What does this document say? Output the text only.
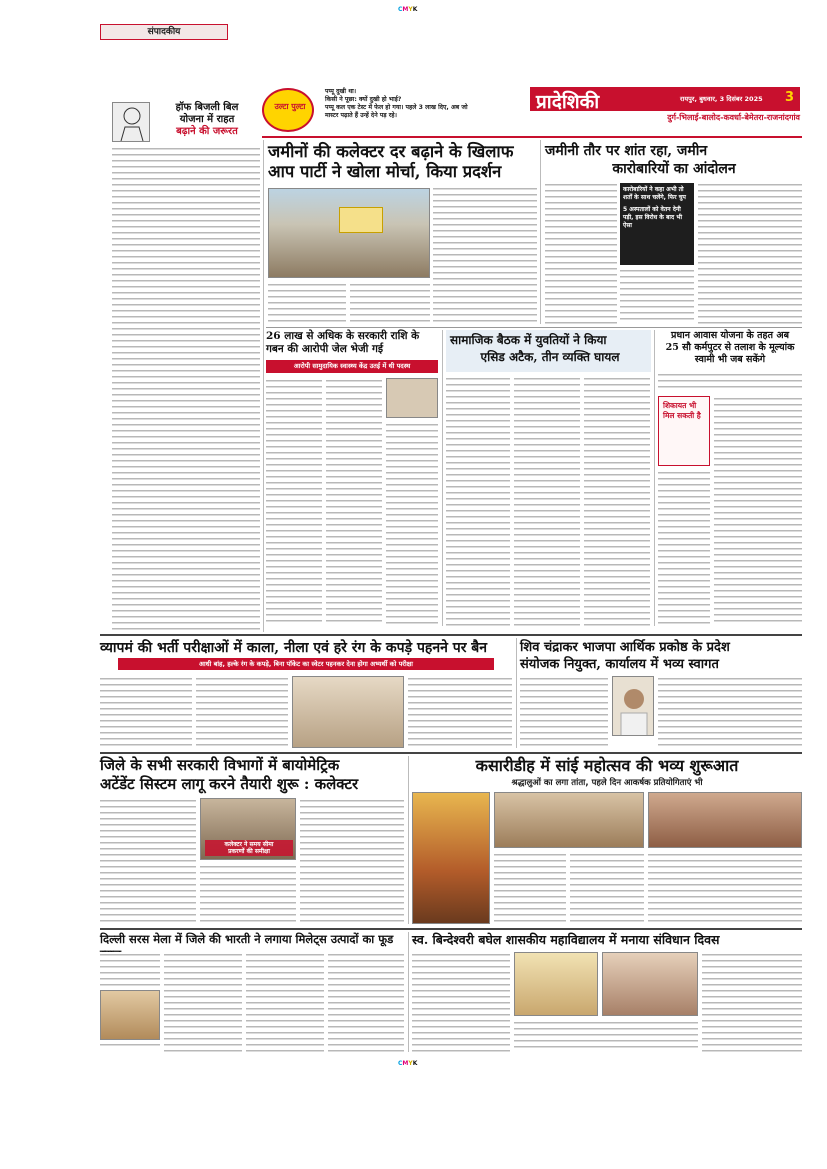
CMYK
संपादकीय
उल्टा पुल्टा
पप्पू दुखी था।
किसी ने पूछा: क्यों दुखी हो भाई?
पप्पू कल एक टेस्ट में फेल हो गया। पहले 3 लाख दिए, अब जो
मास्टर पढ़ाते हैं उन्हें देने पड़ रहे।
प्रादेशिकी	रायपुर, बुधवार, 3 दिसंबर 2025 3
दुर्ग-भिलाई-बालोद-कवर्धा-बेमेतरा-राजनांदगांव
हॉफ बिजली बिल
योजना में राहत
बढ़ाने की जरूरत
जमीनों की कलेक्टर दर बढ़ाने के खिलाफ
आप पार्टी ने खोला मोर्चा, किया प्रदर्शन
जमीनी तौर पर शांत रहा, जमीन
कारोबारियों का आंदोलन
कारोबारियों ने कहा अभी तो शर्तों के साथ चलेंगे, फिर चुप
5 अस्पतालों को वेतन देनी पड़ी, इस विरोध के बाद भी ऐसा
26 लाख से अधिक के सरकारी राशि के गबन की आरोपी जेल भेजी गई
आरोपी सामुदायिक स्वास्थ्य केंद्र उतई में थी पदस्थ
सामाजिक बैठक में युवतियों ने किया
एसिड अटैक, तीन व्यक्ति घायल
प्रधान आवास योजना के तहत अब
25 सौ कर्मपुटर से तलाश के मूल्यांक
स्वामी भी जब सकेंगे
शिकायत भी मिल सकती है
व्यापमं की भर्ती परीक्षाओं में काला, नीला एवं हरे रंग के कपड़े पहनने पर बैन
आधी बांह, हल्के रंग के कपड़े, बिना पॉकेट का स्वेटर पहनकर देना होगा अभ्यर्थी को परीक्षा
शिव चंद्राकर भाजपा आर्थिक प्रकोष्ठ के प्रदेश
संयोजक नियुक्त, कार्यालय में भव्य स्वागत
जिले के सभी सरकारी विभागों में बायोमेट्रिक
अटेंडेंट सिस्टम लागू करने तैयारी शुरू : कलेक्टर
कलेक्टर ने समय सीमा
प्रकरणों की समीक्षा
कसारीडीह में सांई महोत्सव की भव्य शुरूआत
श्रद्धालुओं का लगा तांता, पहले दिन आकर्षक प्रतियोगिताएं भी
दिल्ली सरस मेला में जिले की भारती ने लगाया मिलेट्स उत्पादों का फूड	स्व. बिन्देश्वरी बघेल शासकीय महाविद्यालय में मनाया संविधान दिवस
CMYK
